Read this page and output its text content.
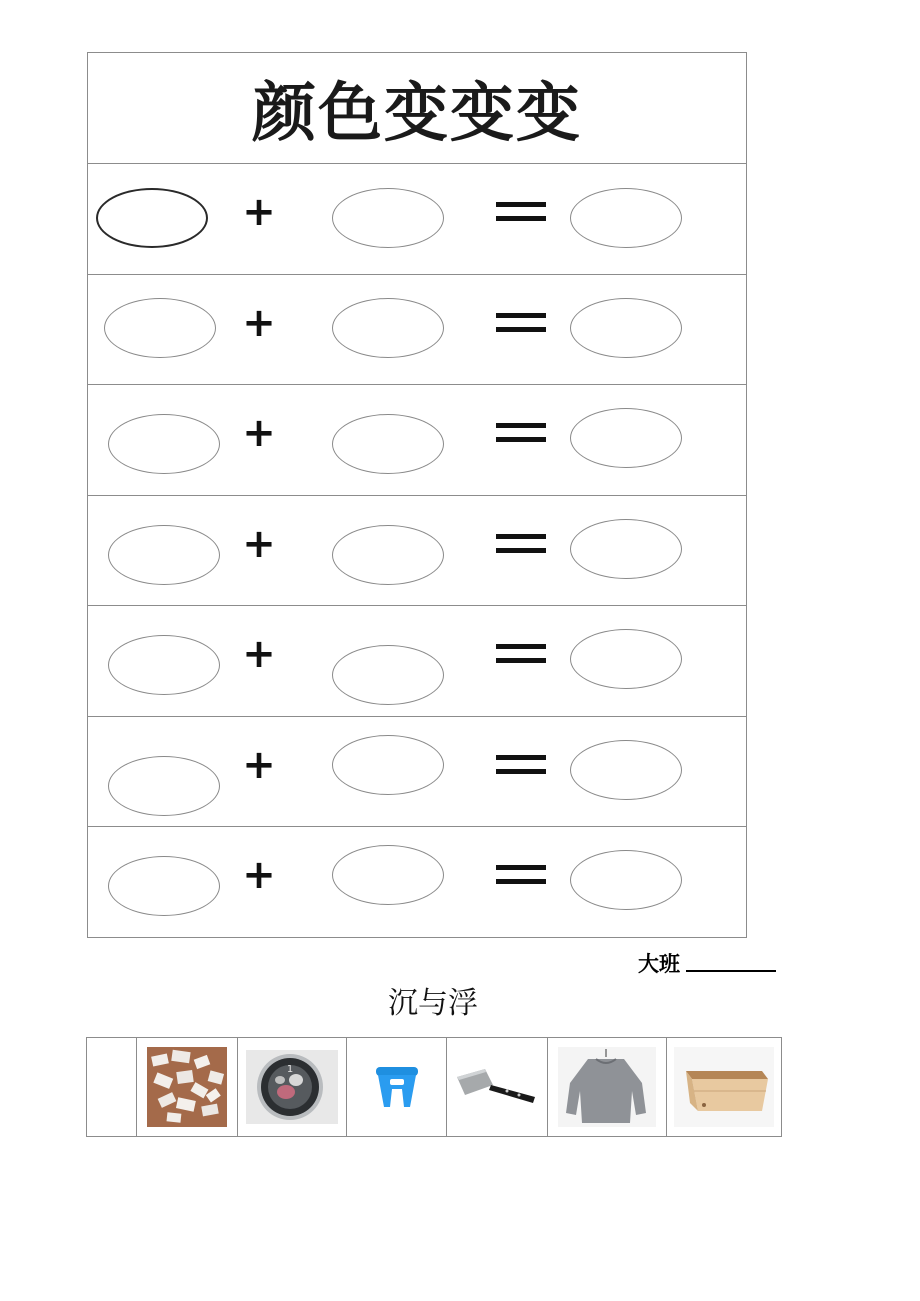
颜色变变变
+
+
+
+
+
+
+
大班
沉与浮
1
